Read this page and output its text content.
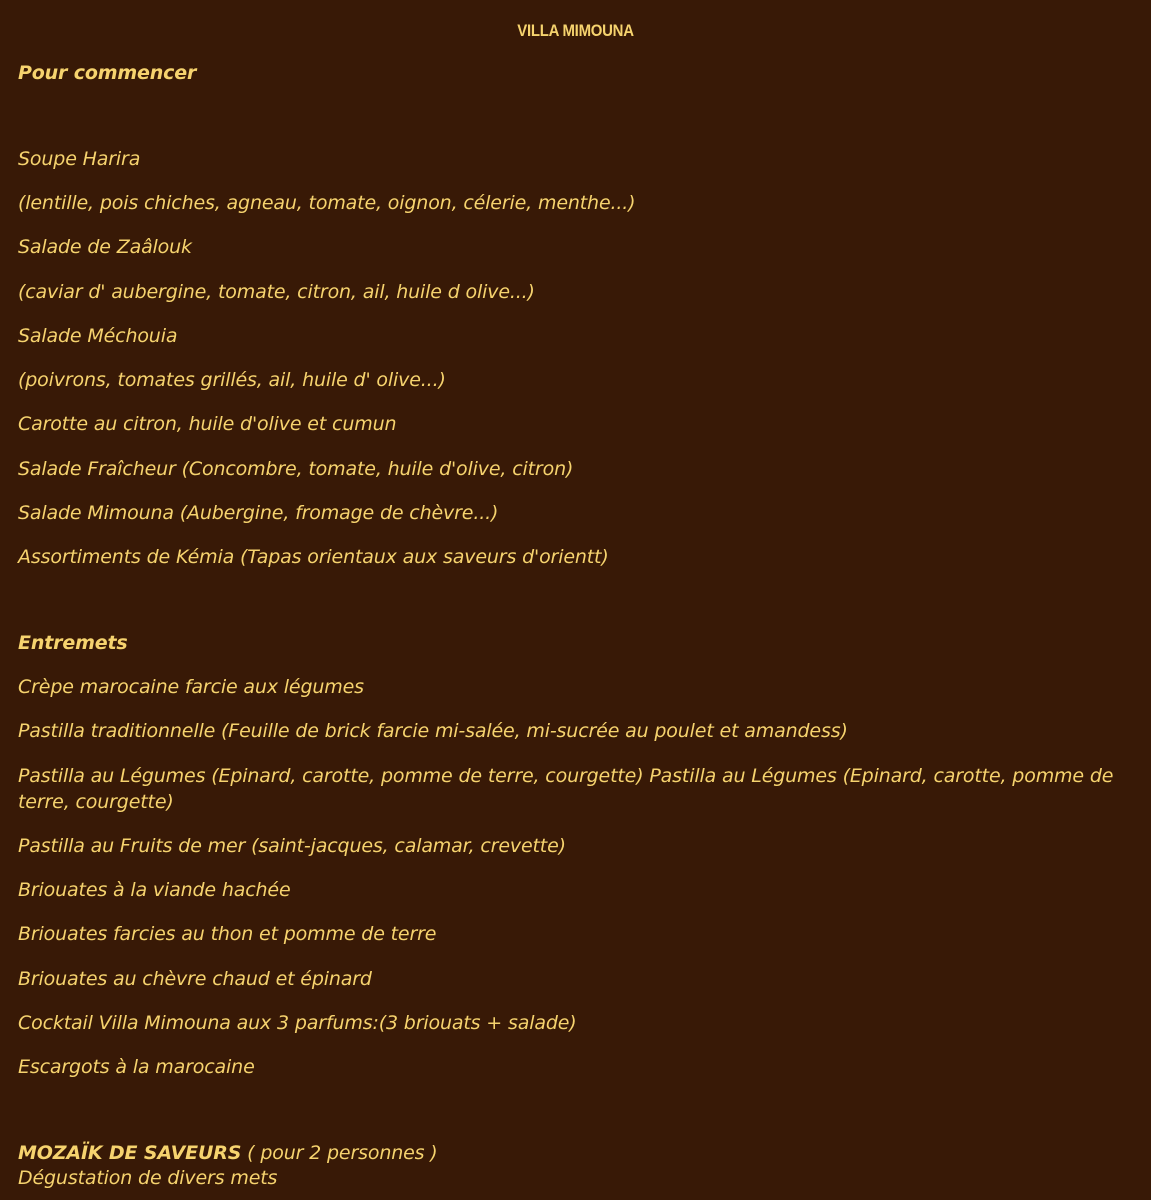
VILLA MIMOUNA
Pour commencer
Soupe Harira
(lentille, pois chiches, agneau, tomate, oignon, célerie, menthe...)
Salade de Zaâlouk
(caviar d' aubergine, tomate, citron, ail, huile d olive...)
Salade Méchouia
(poivrons, tomates grillés, ail, huile d' olive...)
Carotte au citron, huile d'olive et cumun
Salade Fraîcheur (Concombre, tomate, huile d'olive, citron)
Salade Mimouna (Aubergine, fromage de chèvre...)
Assortiments de Kémia (Tapas orientaux aux saveurs d'orientt)
Entremets
Crèpe marocaine farcie aux légumes
Pastilla traditionnelle (Feuille de brick farcie mi-salée, mi-sucrée au poulet et amandess)
Pastilla au Légumes (Epinard, carotte, pomme de terre, courgette) Pastilla au Légumes (Epinard, carotte, pomme de terre, courgette)
Pastilla au Fruits de mer (saint-jacques, calamar, crevette)
Briouates à la viande hachée
Briouates farcies au thon et pomme de terre
Briouates au chèvre chaud et épinard
Cocktail Villa Mimouna aux 3 parfums:(3 briouats + salade)
Escargots à la marocaine
MOZAÏK DE SAVEURS ( pour 2 personnes )
Dégustation de divers mets
